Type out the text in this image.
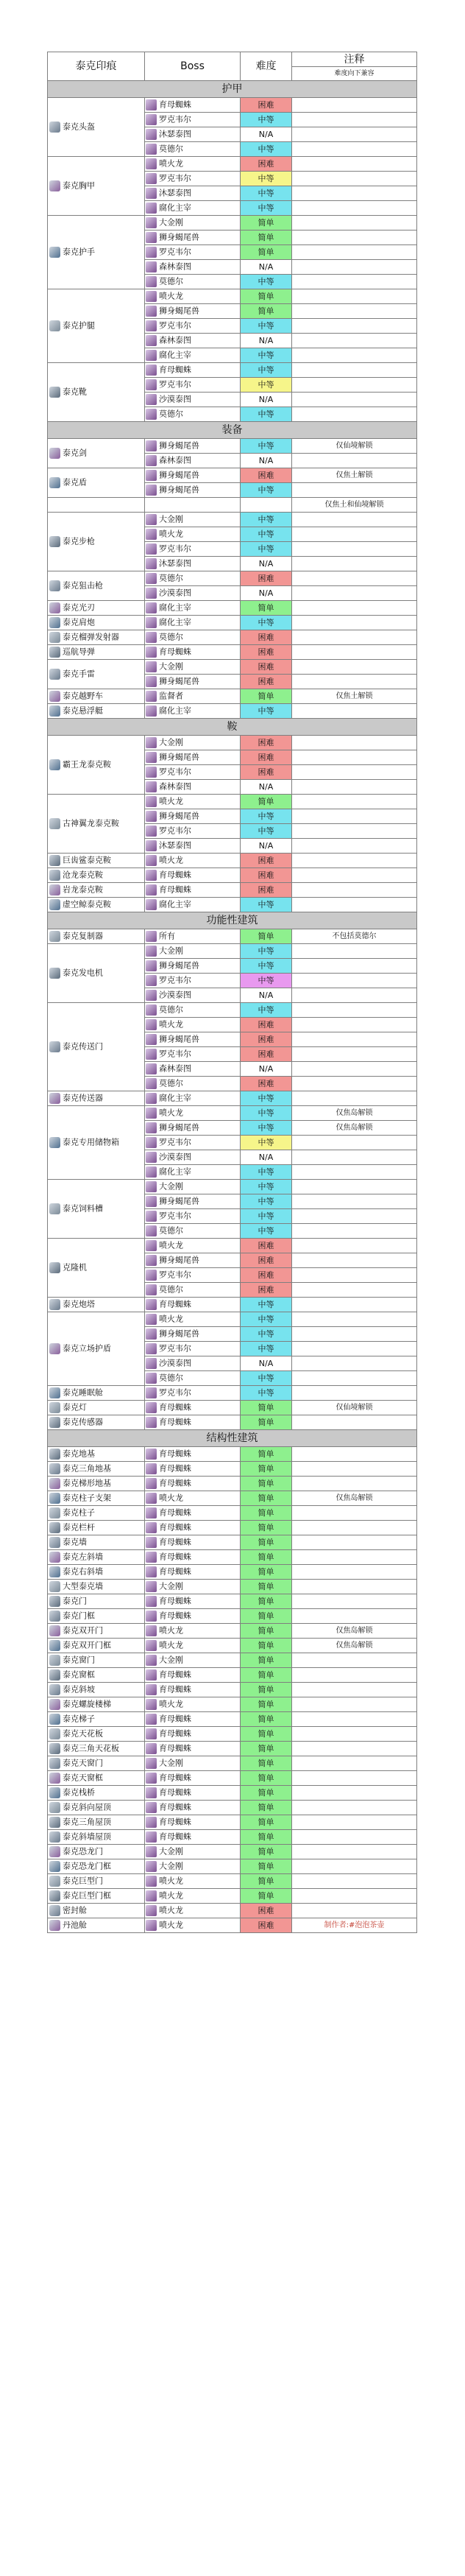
泰克印痕	Boss	难度	注释
难度向下兼容

护甲			
泰克头盔	育母蜘蛛	困难	
	罗克韦尔	中等	
	沐瑟泰图	N/A	
	莫德尔	中等	
泰克胸甲	喷火龙	困难	
	罗克韦尔	中等	
	沐瑟泰图	中等	
	腐化主宰	中等	
泰克护手	大金刚	简单	
	狮身蝎尾兽	简单	
	罗克韦尔	简单	
	森林泰图	N/A	
	莫德尔	中等	
泰克护腿	喷火龙	简单	
	狮身蝎尾兽	简单	
	罗克韦尔	中等	
	森林泰图	N/A	
	腐化主宰	中等	
泰克靴	育母蜘蛛	中等	
	罗克韦尔	中等	
	沙漠泰图	N/A	
	莫德尔	中等	
装备			
泰克剑	狮身蝎尾兽	中等	仅仙境解锁
	森林泰图	N/A	
泰克盾	狮身蝎尾兽	困难	仅焦土解锁
	狮身蝎尾兽	中等	
			仅焦土和仙境解锁
泰克步枪	大金刚	中等	
	喷火龙	中等	
	罗克韦尔	中等	
	沐瑟泰图	N/A	
泰克狙击枪	莫德尔	困难	
	沙漠泰图	N/A	
泰克光刃	腐化主宰	简单	
泰克肩炮	腐化主宰	中等	
泰克榴弹发射器	莫德尔	困难	
巡航导弹	育母蜘蛛	困难	
泰克手雷	大金刚	困难	
	狮身蝎尾兽	困难	
泰克越野车	监督者	简单	仅焦土解锁
泰克悬浮艇	腐化主宰	中等	
鞍			
霸王龙泰克鞍	大金刚	困难	
	狮身蝎尾兽	困难	
	罗克韦尔	困难	
	森林泰图	N/A	
古神翼龙泰克鞍	喷火龙	简单	
	狮身蝎尾兽	中等	
	罗克韦尔	中等	
	沐瑟泰图	N/A	
巨齿鲨泰克鞍	喷火龙	困难	
沧龙泰克鞍	育母蜘蛛	困难	
岩龙泰克鞍	育母蜘蛛	困难	
虚空鲸泰克鞍	腐化主宰	中等	
功能性建筑			
泰克复制器	所有	简单	不包括莫德尔
泰克发电机	大金刚	中等	
	狮身蝎尾兽	中等	
	罗克韦尔	中等	
	沙漠泰图	N/A	
泰克传送门	莫德尔	中等	
	喷火龙	困难	
	狮身蝎尾兽	困难	
	罗克韦尔	困难	
	森林泰图	N/A	
	莫德尔	困难	
泰克传送器	腐化主宰	中等	
泰克专用储物箱	喷火龙	中等	仅焦岛解锁
	狮身蝎尾兽	中等	仅焦岛解锁
	罗克韦尔	中等	
	沙漠泰图	N/A	
	腐化主宰	中等	
泰克饲料槽	大金刚	中等	
	狮身蝎尾兽	中等	
	罗克韦尔	中等	
	莫德尔	中等	
克隆机	喷火龙	困难	
	狮身蝎尾兽	困难	
	罗克韦尔	困难	
	莫德尔	困难	
泰克炮塔	育母蜘蛛	中等	
泰克立场护盾	喷火龙	中等	
	狮身蝎尾兽	中等	
	罗克韦尔	中等	
	沙漠泰图	N/A	
	莫德尔	中等	
泰克睡眠舱	罗克韦尔	中等	
泰克灯	育母蜘蛛	简单	仅仙境解锁
泰克传感器	育母蜘蛛	简单	
结构性建筑			
泰克地基	育母蜘蛛	简单	
泰克三角地基	育母蜘蛛	简单	
泰克梯形地基	育母蜘蛛	简单	
泰克柱子支架	喷火龙	简单	仅焦岛解锁
泰克柱子	育母蜘蛛	简单	
泰克栏杆	育母蜘蛛	简单	
泰克墙	育母蜘蛛	简单	
泰克左斜墙	育母蜘蛛	简单	
泰克右斜墙	育母蜘蛛	简单	
大型泰克墙	大金刚	简单	
泰克门	育母蜘蛛	简单	
泰克门框	育母蜘蛛	简单	
泰克双开门	喷火龙	简单	仅焦岛解锁
泰克双开门框	喷火龙	简单	仅焦岛解锁
泰克窗门	大金刚	简单	
泰克窗框	育母蜘蛛	简单	
泰克斜坡	育母蜘蛛	简单	
泰克螺旋楼梯	喷火龙	简单	
泰克梯子	育母蜘蛛	简单	
泰克天花板	育母蜘蛛	简单	
泰克三角天花板	育母蜘蛛	简单	
泰克天窗门	大金刚	简单	
泰克天窗框	育母蜘蛛	简单	
泰克栈桥	育母蜘蛛	简单	
泰克斜向屋顶	育母蜘蛛	简单	
泰克三角屋顶	育母蜘蛛	简单	
泰克斜墙屋顶	育母蜘蛛	简单	
泰克恐龙门	大金刚	简单	
泰克恐龙门框	大金刚	简单	
泰克巨型门	喷火龙	简单	
泰克巨型门框	喷火龙	简单	
密封舱	喷火龙	困难	
丹池舱	喷火龙	困难	制作者:#泡泡茶壶
